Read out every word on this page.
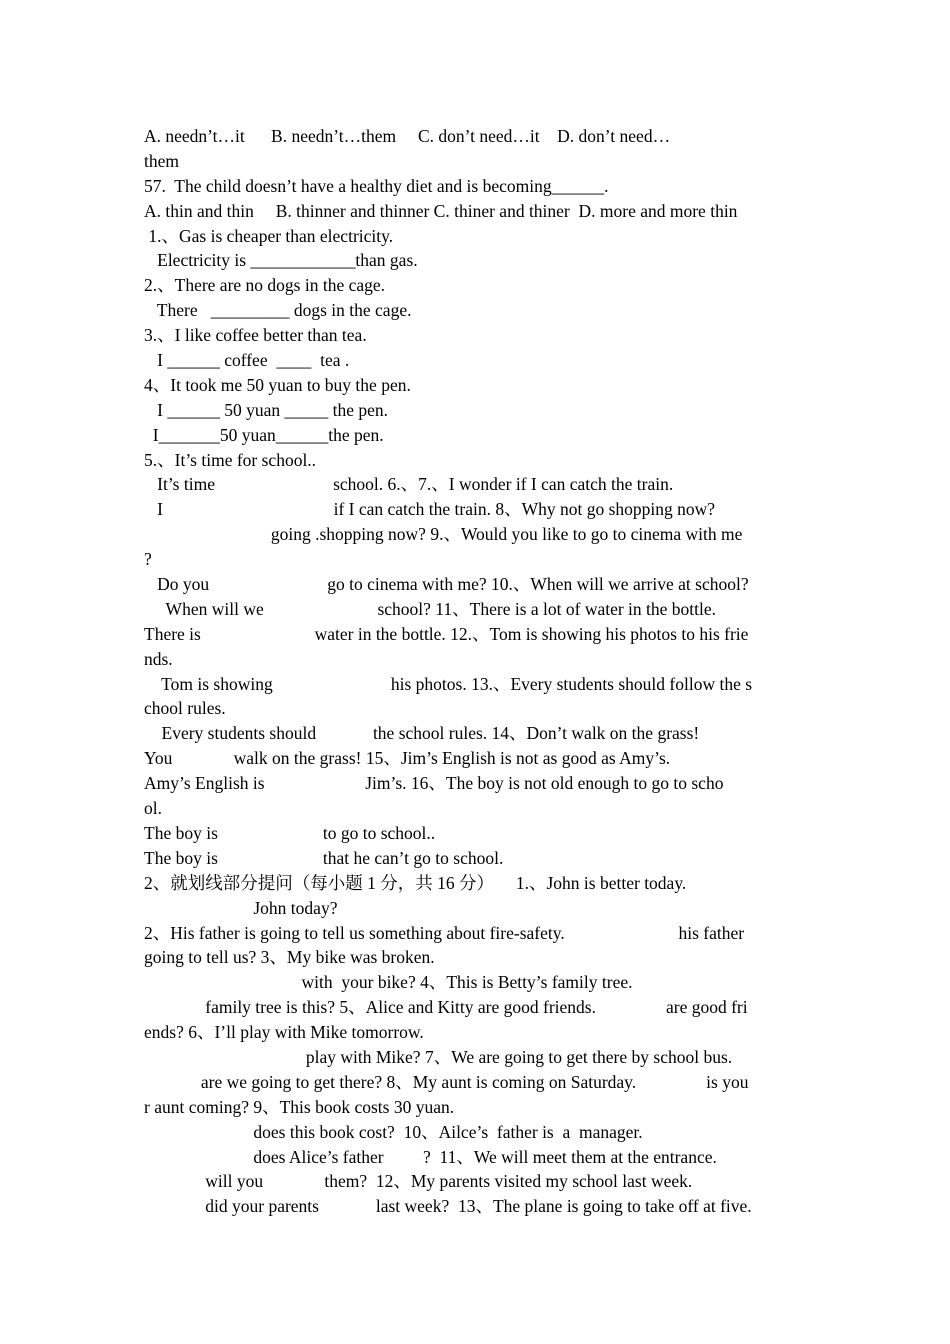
A. needn’t…it      B. needn’t…them     C. don’t need…it    D. don’t need…
them
57.  The child doesn’t have a healthy diet and is becoming______.
A. thin and thin     B. thinner and thinner C. thiner and thiner  D. more and more thin
1.、Gas is cheaper than electricity.
Electricity is ____________than gas.
2.、There are no dogs in the cage.
There   _________ dogs in the cage.
3.、I like coffee better than tea.
I ______ coffee  ____  tea .
4、It took me 50 yuan to buy the pen.
I ______ 50 yuan _____ the pen.
I_______50 yuan______the pen.
5.、It’s time for school..
It’s time                           school. 6.、7.、I wonder if I can catch the train.
I                                       if I can catch the train. 8、Why not go shopping now?
going .shopping now? 9.、Would you like to go to cinema with me
?
Do you                           go to cinema with me? 10.、When will we arrive at school?
When will we                          school? 11、There is a lot of water in the bottle.
There is                          water in the bottle. 12.、Tom is showing his photos to his frie
nds.
Tom is showing                           his photos. 13.、Every students should follow the s
chool rules.
Every students should             the school rules. 14、Don’t walk on the grass!
You              walk on the grass! 15、Jim’s English is not as good as Amy’s.
Amy’s English is                       Jim’s. 16、The boy is not old enough to go to scho
ol.
The boy is                        to go to school..
The boy is                        that he can’t go to school.
2、就划线部分提问（每小题 1 分，共 16 分）     1.、John is better today.
John today?
2、His father is going to tell us something about fire-safety.                          his father
going to tell us? 3、My bike was broken.
with  your bike? 4、This is Betty’s family tree.
family tree is this? 5、Alice and Kitty are good friends.                are good fri
ends? 6、I’ll play with Mike tomorrow.
play with Mike? 7、We are going to get there by school bus.
are we going to get there? 8、My aunt is coming on Saturday.                is you
r aunt coming? 9、This book costs 30 yuan.
does this book cost?  10、Ailce’s  father is  a  manager.
does Alice’s father         ?  11、We will meet them at the entrance.
will you              them?  12、My parents visited my school last week.
did your parents             last week?  13、The plane is going to take off at five.
